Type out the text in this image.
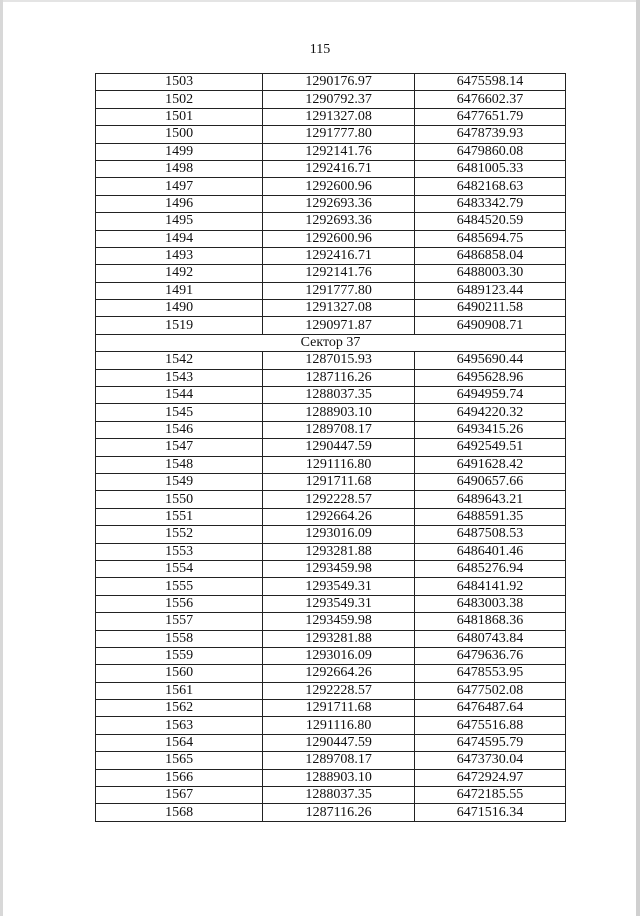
115
1503	1290176.97	6475598.14
1502	1290792.37	6476602.37
1501	1291327.08	6477651.79
1500	1291777.80	6478739.93
1499	1292141.76	6479860.08
1498	1292416.71	6481005.33
1497	1292600.96	6482168.63
1496	1292693.36	6483342.79
1495	1292693.36	6484520.59
1494	1292600.96	6485694.75
1493	1292416.71	6486858.04
1492	1292141.76	6488003.30
1491	1291777.80	6489123.44
1490	1291327.08	6490211.58
1519	1290971.87	6490908.71
Сектор 37		
1542	1287015.93	6495690.44
1543	1287116.26	6495628.96
1544	1288037.35	6494959.74
1545	1288903.10	6494220.32
1546	1289708.17	6493415.26
1547	1290447.59	6492549.51
1548	1291116.80	6491628.42
1549	1291711.68	6490657.66
1550	1292228.57	6489643.21
1551	1292664.26	6488591.35
1552	1293016.09	6487508.53
1553	1293281.88	6486401.46
1554	1293459.98	6485276.94
1555	1293549.31	6484141.92
1556	1293549.31	6483003.38
1557	1293459.98	6481868.36
1558	1293281.88	6480743.84
1559	1293016.09	6479636.76
1560	1292664.26	6478553.95
1561	1292228.57	6477502.08
1562	1291711.68	6476487.64
1563	1291116.80	6475516.88
1564	1290447.59	6474595.79
1565	1289708.17	6473730.04
1566	1288903.10	6472924.97
1567	1288037.35	6472185.55
1568	1287116.26	6471516.34
